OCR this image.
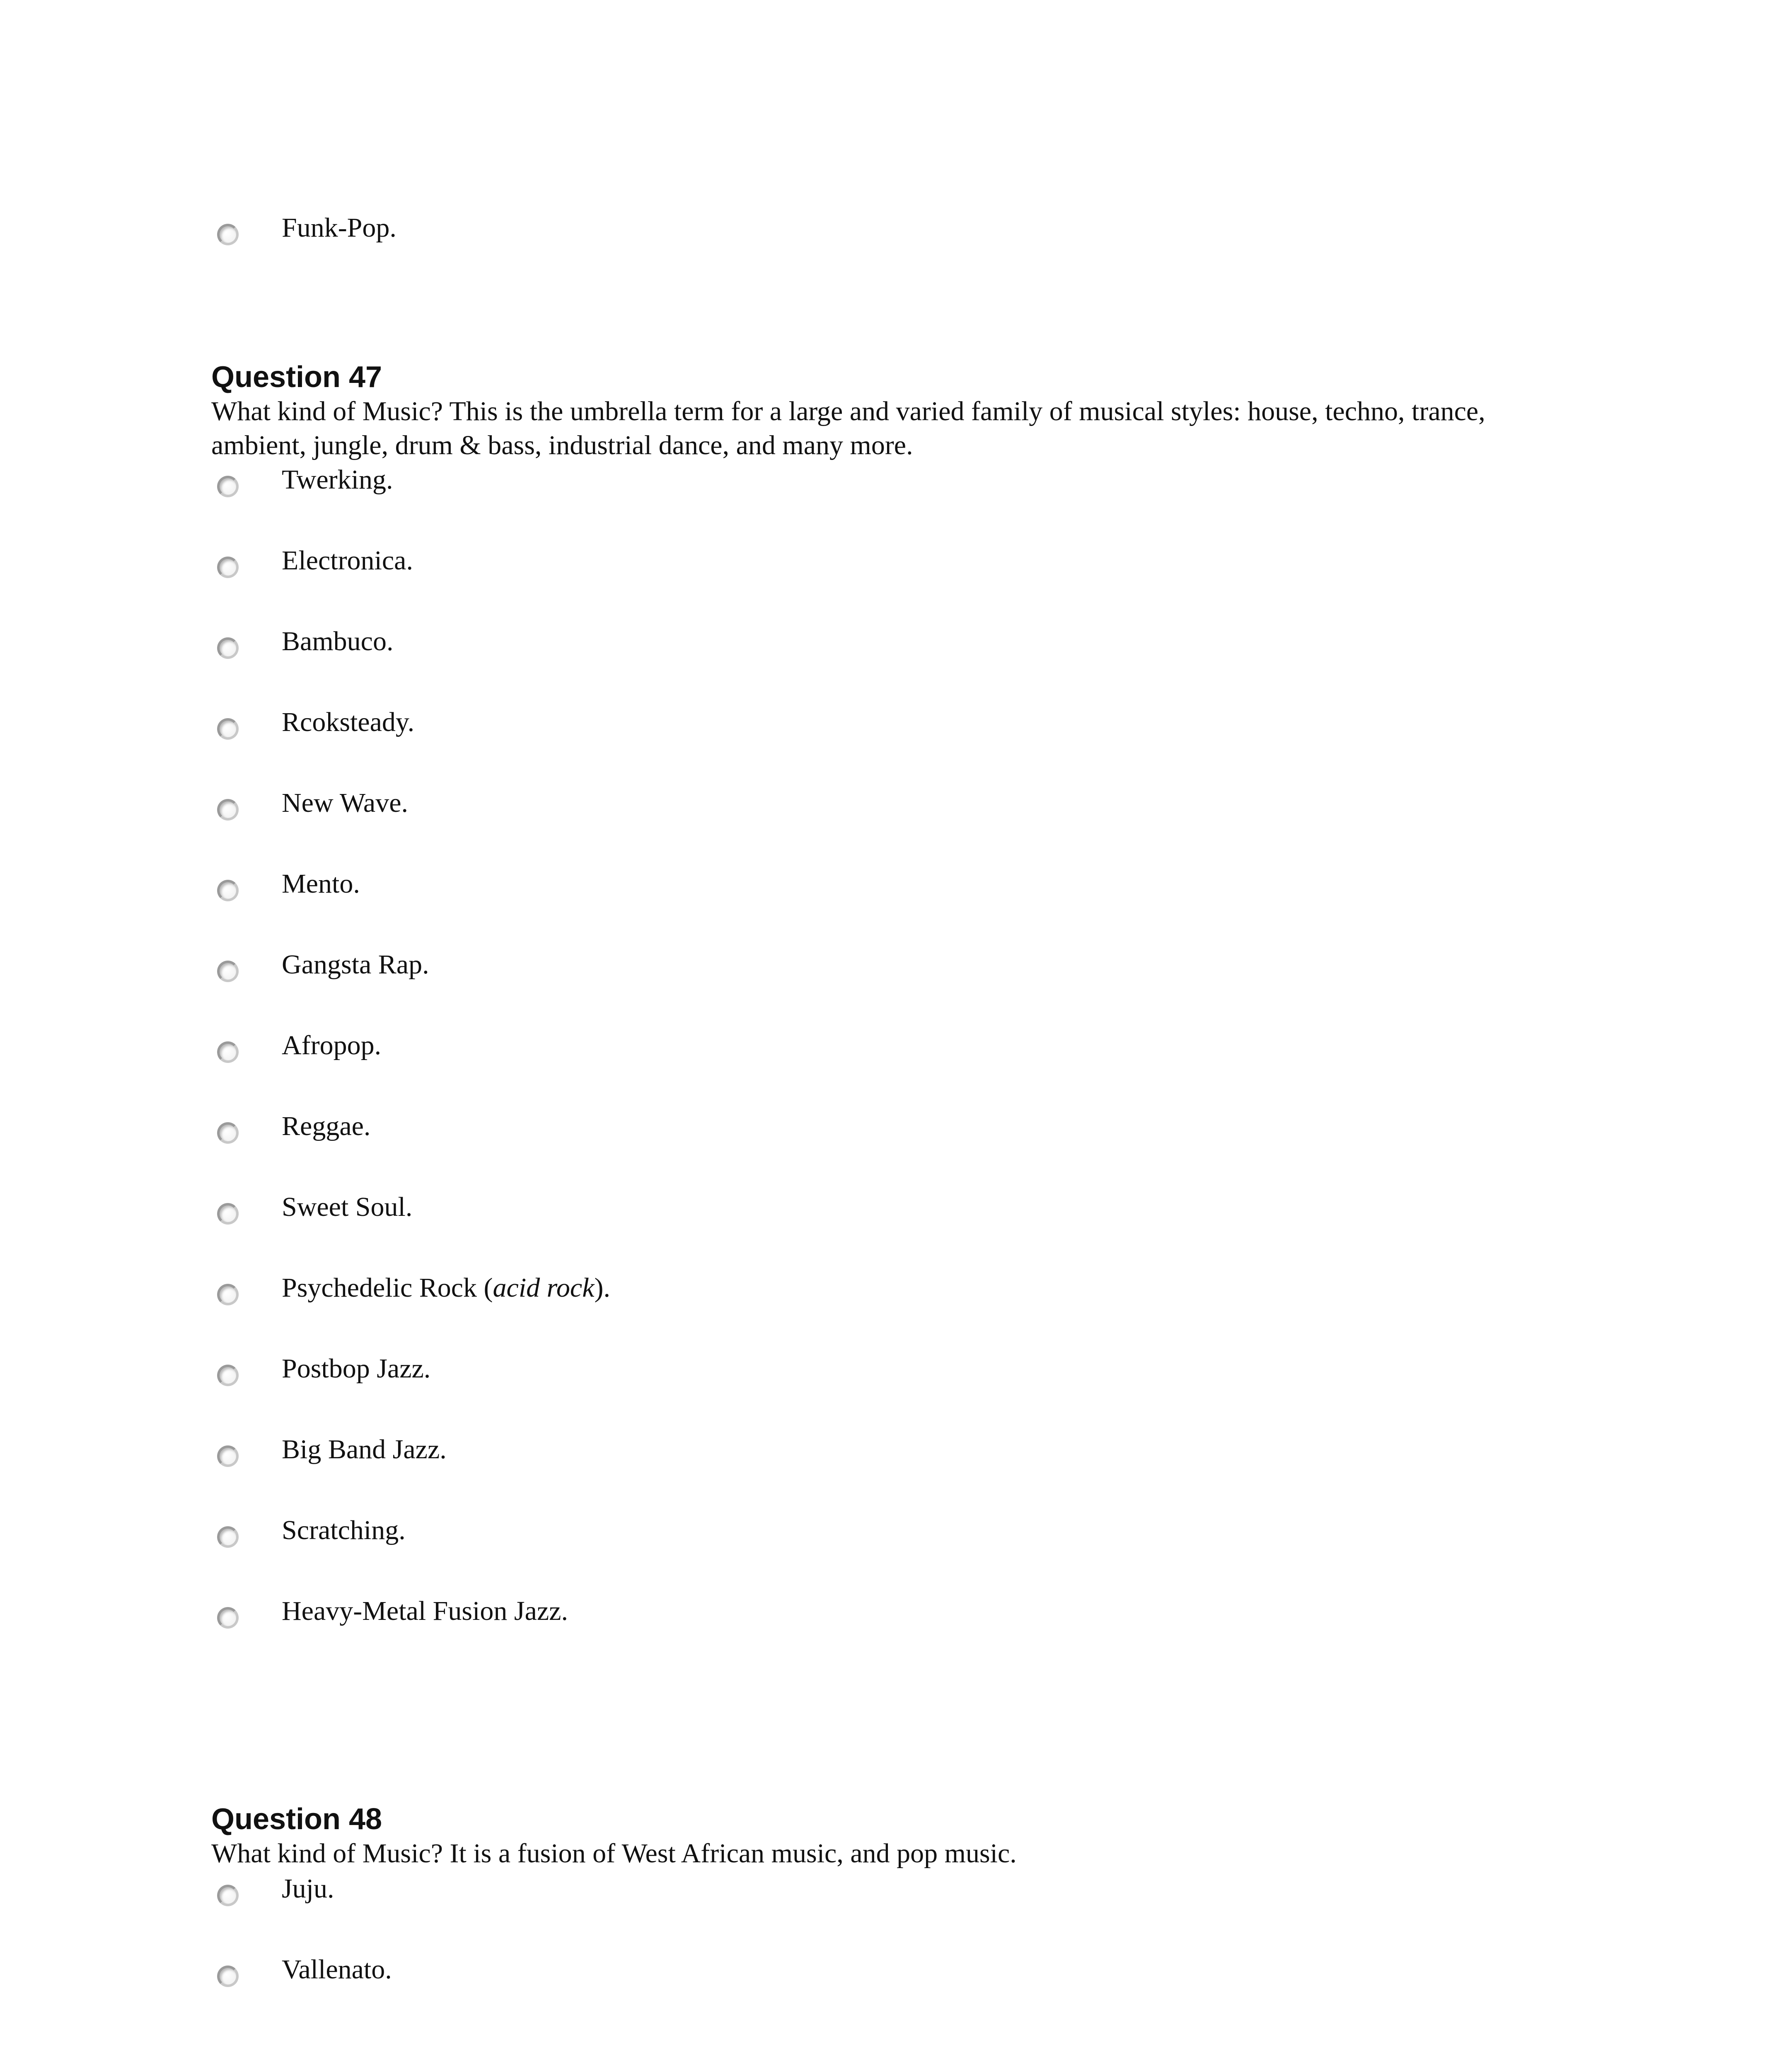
Funk-Pop.
Question 47
What kind of Music? This is the umbrella term for a large and varied family of musical styles: house, techno, trance, ambient, jungle, drum & bass, industrial dance, and many more.
Twerking.
Electronica.
Bambuco.
Rcoksteady.
New Wave.
Mento.
Gangsta Rap.
Afropop.
Reggae.
Sweet Soul.
Psychedelic Rock (acid rock).
Postbop Jazz.
Big Band Jazz.
Scratching.
Heavy-Metal Fusion Jazz.
Question 48
What kind of Music? It is a fusion of West African music, and pop music.
Juju.
Vallenato.
